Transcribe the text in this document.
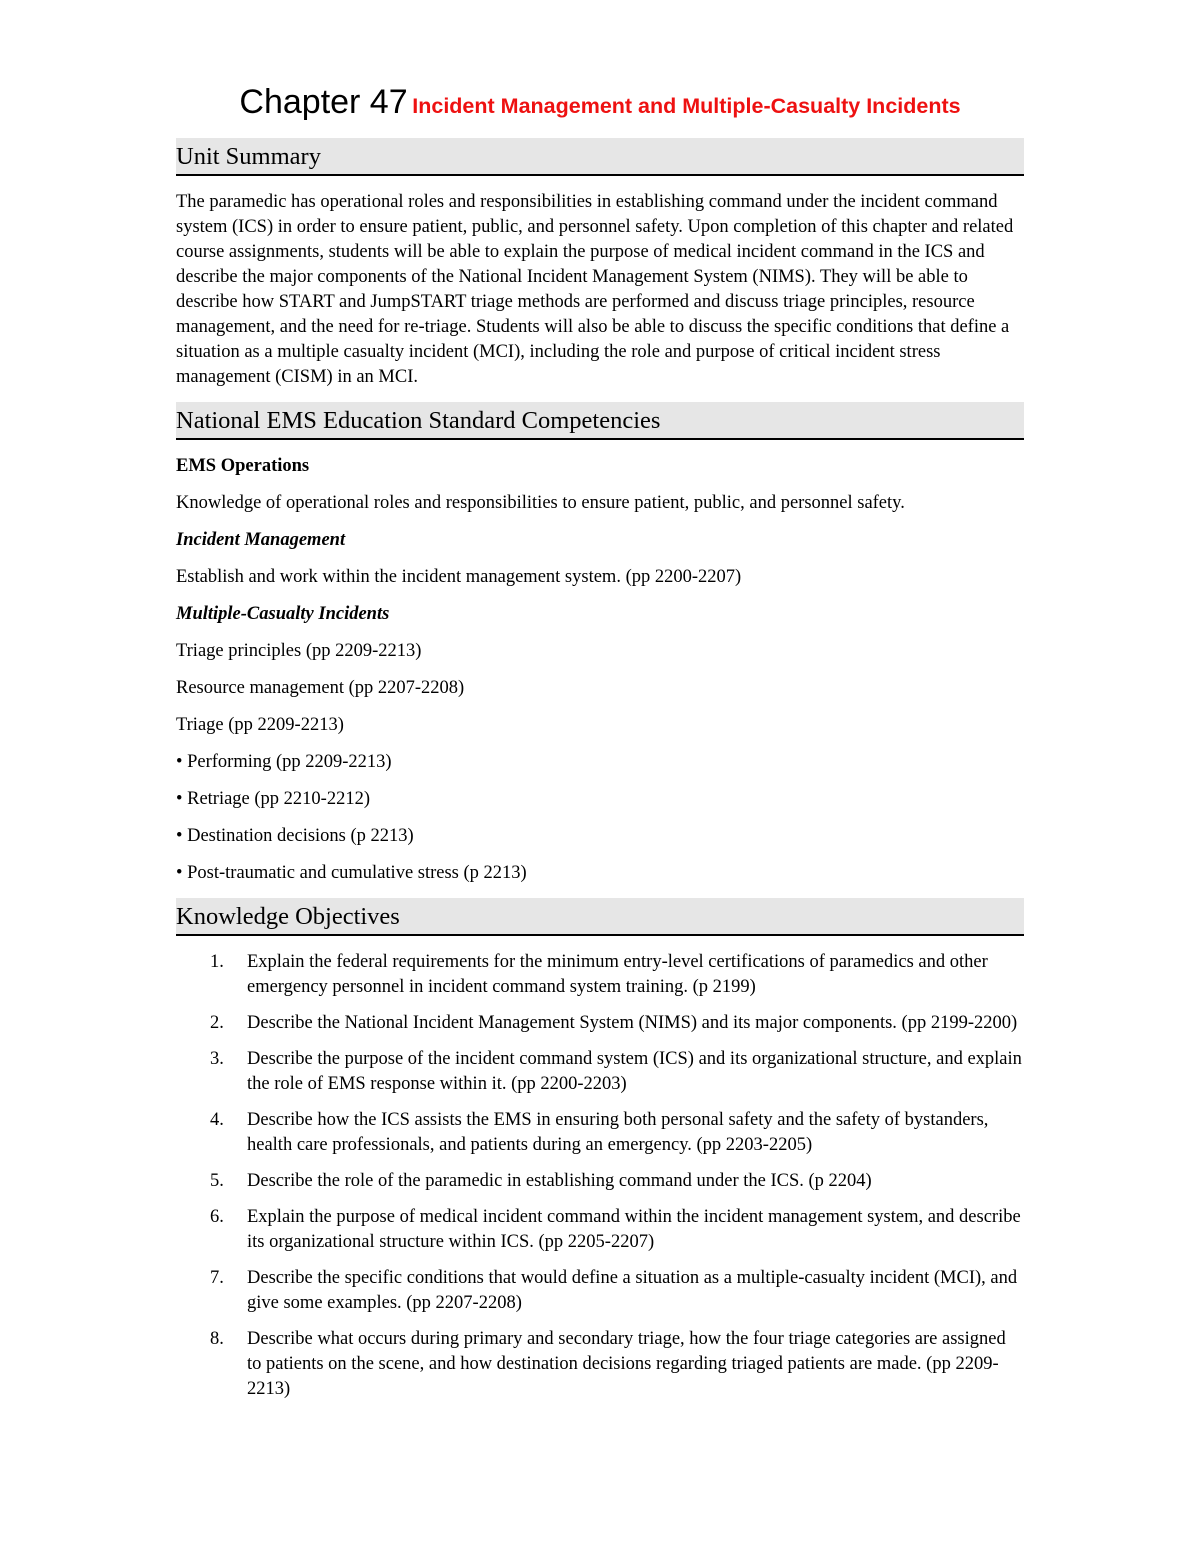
Chapter 47 Incident Management and Multiple-Casualty Incidents
Unit Summary

The paramedic has operational roles and responsibilities in establishing command under the incident command system (ICS) in order to ensure patient, public, and personnel safety. Upon completion of this chapter and related course assignments, students will be able to explain the purpose of medical incident command in the ICS and describe the major components of the National Incident Management System (NIMS). They will be able to describe how START and JumpSTART triage methods are performed and discuss triage principles, resource management, and the need for re-triage. Students will also be able to discuss the specific conditions that define a situation as a multiple casualty incident (MCI), including the role and purpose of critical incident stress management (CISM) in an MCI.

National EMS Education Standard Competencies

EMS Operations

Knowledge of operational roles and responsibilities to ensure patient, public, and personnel safety.

Incident Management

Establish and work within the incident management system. (pp 2200-2207)

Multiple-Casualty Incidents

Triage principles (pp 2209-2213)

Resource management (pp 2207-2208)

Triage (pp 2209-2213)

• Performing (pp 2209-2213)

• Retriage (pp 2210-2212)

• Destination decisions (p 2213)

• Post-traumatic and cumulative stress (p 2213)

Knowledge Objectives
1. Explain the federal requirements for the minimum entry-level certifications of paramedics and other emergency personnel in incident command system training. (p 2199)
2. Describe the National Incident Management System (NIMS) and its major components. (pp 2199-2200)
3. Describe the purpose of the incident command system (ICS) and its organizational structure, and explain the role of EMS response within it. (pp 2200-2203)
4. Describe how the ICS assists the EMS in ensuring both personal safety and the safety of bystanders, health care professionals, and patients during an emergency. (pp 2203-2205)
5. Describe the role of the paramedic in establishing command under the ICS. (p 2204)
6. Explain the purpose of medical incident command within the incident management system, and describe its organizational structure within ICS. (pp 2205-2207)
7. Describe the specific conditions that would define a situation as a multiple-casualty incident (MCI), and give some examples. (pp 2207-2208)
8. Describe what occurs during primary and secondary triage, how the four triage categories are assigned to patients on the scene, and how destination decisions regarding triaged patients are made. (pp 2209-2213)
